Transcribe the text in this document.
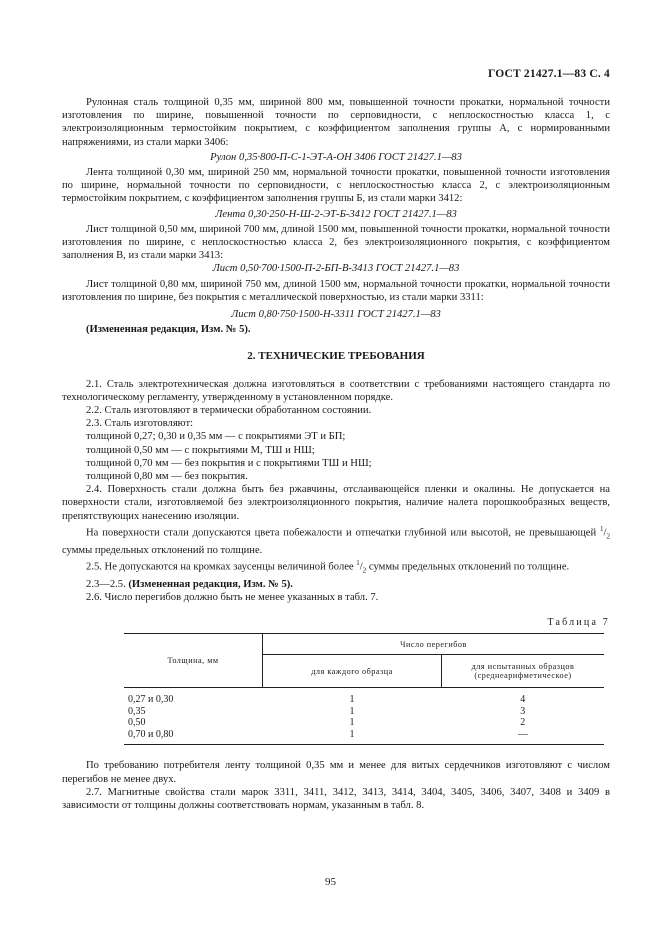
ГОСТ 21427.1—83 С. 4

Рулонная сталь толщиной 0,35 мм, шириной 800 мм, повышенной точности прокатки, нормальной точности изготовления по ширине, повышенной точности по серповидности, с неплоскостностью класса 1, с электроизоляционным термостойким покрытием, с коэффициентом заполнения группы А, с нормированными напряжениями, из стали марки 3406:

Рулон 0,35·800-П-С-1-ЭТ-А-ОН 3406 ГОСТ 21427.1—83

Лента толщиной 0,30 мм, шириной 250 мм, нормальной точности прокатки, повышенной точности изготовления по ширине, нормальной точности по серповидности, с неплоскостностью класса 2, с электроизоляционным термостойким покрытием, с коэффициентом заполнения группы Б, из стали марки 3412:

Лента 0,30·250-Н-Ш-2-ЭТ-Б-3412 ГОСТ 21427.1—83

Лист толщиной 0,50 мм, шириной 700 мм, длиной 1500 мм, повышенной точности прокатки, нормальной точности изготовления по ширине, с неплоскостностью класса 2, без электроизоляционного покрытия, с коэффициентом заполнения В, из стали марки 3413:

Лист 0,50·700·1500-П-2-БП-В-3413 ГОСТ 21427.1—83

Лист толщиной 0,80 мм, шириной 750 мм, длиной 1500 мм, нормальной точности прокатки, нормальной точности изготовления по ширине, без покрытия с металлической поверхностью, из стали марки 3311:

Лист 0,80·750·1500-Н-3311 ГОСТ 21427.1—83

(Измененная редакция, Изм. № 5).

2. ТЕХНИЧЕСКИЕ ТРЕБОВАНИЯ

2.1. Сталь электротехническая должна изготовляться в соответствии с требованиями настоящего стандарта по технологическому регламенту, утвержденному в установленном порядке.

2.2. Сталь изготовляют в термически обработанном состоянии.

2.3. Сталь изготовляют:

толщиной 0,27; 0,30 и 0,35 мм — с покрытиями ЭТ и БП;

толщиной 0,50 мм — с покрытиями М, ТШ и НШ;

толщиной 0,70 мм — без покрытия и с покрытиями ТШ и НШ;

толщиной 0,80 мм — без покрытия.

2.4. Поверхность стали должна быть без ржавчины, отслаивающейся пленки и окалины. Не допускается на поверхности стали, изготовляемой без электроизоляционного покрытия, наличие налета порошкообразных веществ, препятствующих нанесению изоляции.

На поверхности стали допускаются цвета побежалости и отпечатки глубиной или высотой, не превышающей $^1/_2$ суммы предельных отклонений по толщине.

2.5. Не допускаются на кромках заусенцы величиной более $^1/_2$ суммы предельных отклонений по толщине.

2.3—2.5. (Измененная редакция, Изм. № 5).

2.6. Число перегибов должно быть не менее указанных в табл. 7.

Таблица 7

Толщина, мм	Число перегибов	
	для каждого образца	для испытанных образцов (среднеарифметическое)

0,27 и 0,30	1	4
0,35	1	3
0,50	1	2
0,70 и 0,80	1	—

По требованию потребителя ленту толщиной 0,35 мм и менее для витых сердечников изготовляют с числом перегибов не менее двух.

2.7. Магнитные свойства стали марок 3311, 3411, 3412, 3413, 3414, 3404, 3405, 3406, 3407, 3408 и 3409 в зависимости от толщины должны соответствовать нормам, указанным в табл. 8.

95
